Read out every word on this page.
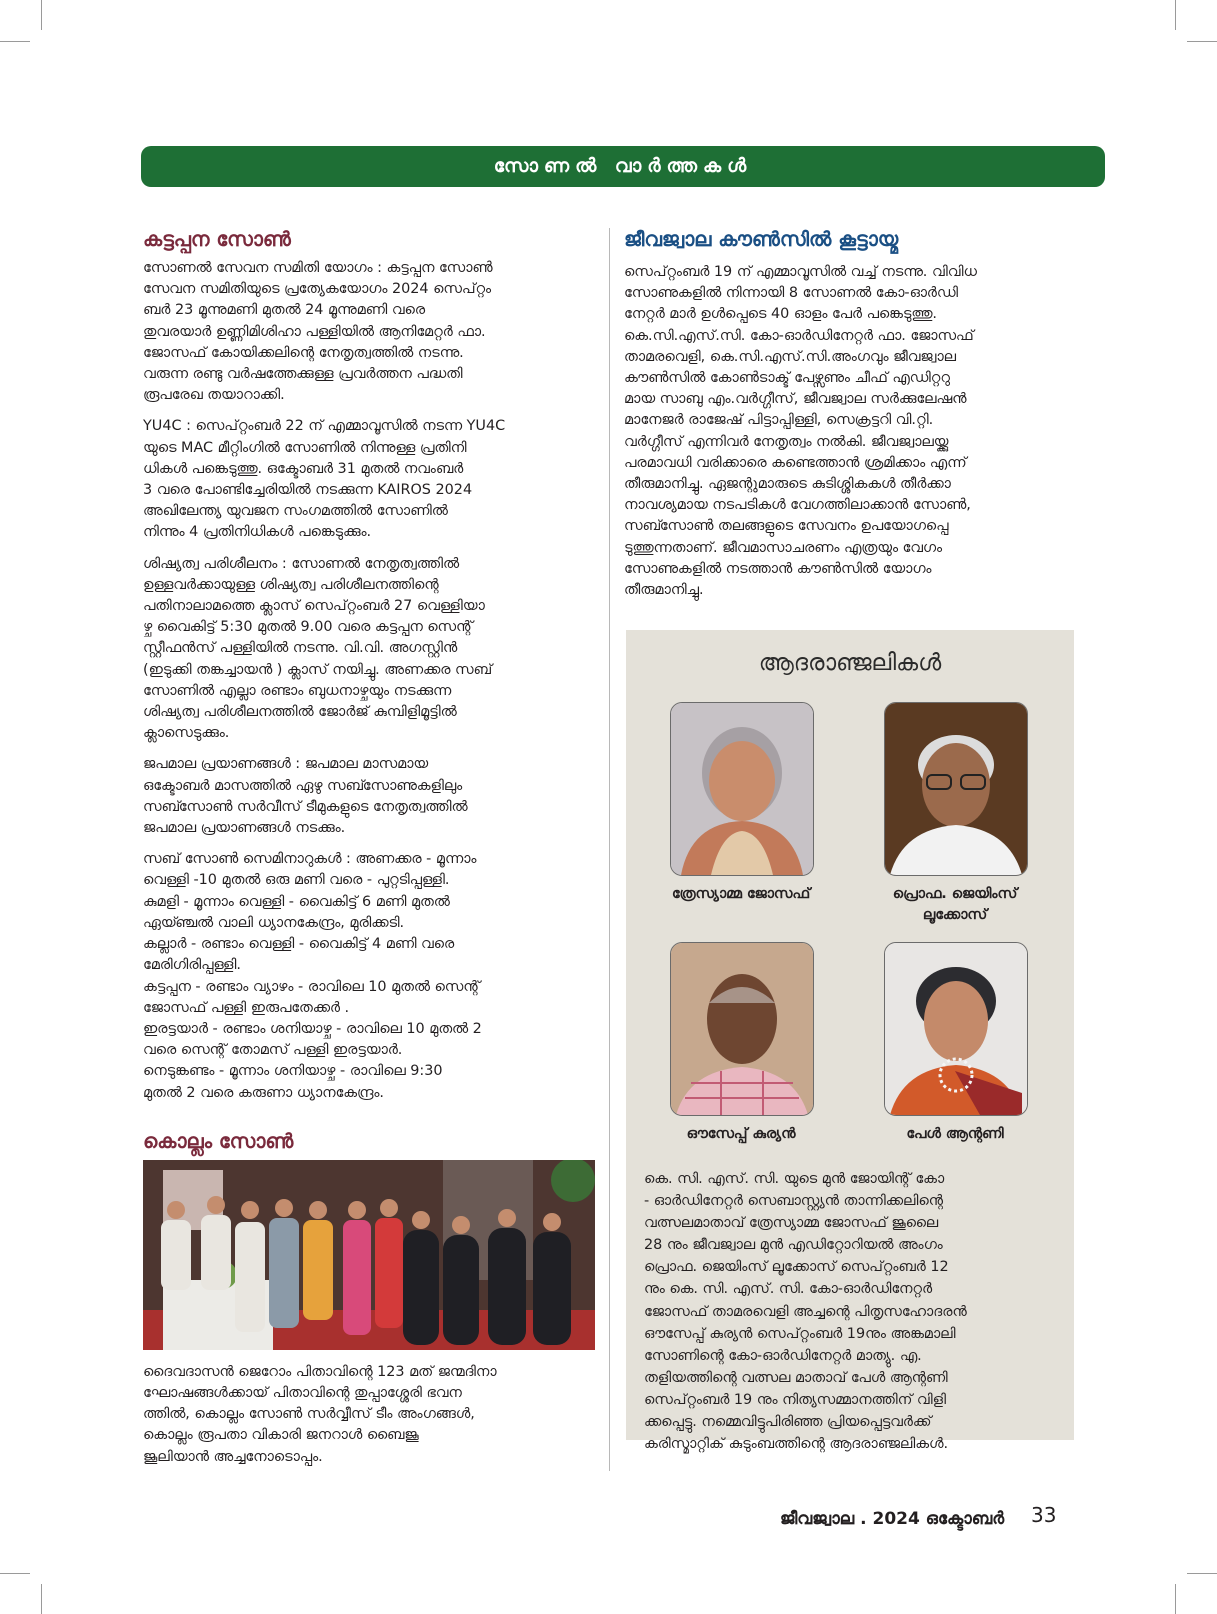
സോണൽ വാർത്തകൾ
കട്ടപ്പന സോൺ

സോണൽ സേവന സമിതി യോഗം : കട്ടപ്പന സോൺ
സേവന സമിതിയുടെ പ്രത്യേകയോഗം 2024 സെപ്റ്റം
ബർ 23 മൂന്നുമണി മുതൽ 24 മൂന്നുമണി വരെ
തുവരയാർ ഉണ്ണിമിശിഹാ പള്ളിയിൽ ആനിമേറ്റർ ഫാ.
ജോസഫ് കോയിക്കലിന്റെ നേതൃത്വത്തിൽ നടന്നു.
വരുന്ന രണ്ടു വർഷത്തേക്കുള്ള പ്രവർത്തന പദ്ധതി
രൂപരേഖ തയാറാക്കി.

YU4C : സെപ്റ്റംബർ 22 ന് എമ്മാവൂസിൽ നടന്ന YU4C
യുടെ MAC മീറ്റിംഗിൽ സോണിൽ നിന്നുള്ള പ്രതിനി
ധികൾ പങ്കെടുത്തു. ഒക്ടോബർ 31 മുതൽ നവംബർ
3 വരെ പോണ്ടിച്ചേരിയിൽ നടക്കുന്ന KAIROS 2024
അഖിലേന്ത്യ യുവജന സംഗമത്തിൽ സോണിൽ
നിന്നും 4 പ്രതിനിധികൾ പങ്കെടുക്കും.

ശിഷ്യത്വ പരിശീലനം : സോണൽ നേതൃത്വത്തിൽ
ഉള്ളവർക്കായുള്ള ശിഷ്യത്വ പരിശീലനത്തിന്റെ
പതിനാലാമത്തെ ക്ലാസ് സെപ്റ്റംബർ 27 വെള്ളിയാ
ഴ്ച വൈകിട്ട് 5:30 മുതൽ 9.00 വരെ കട്ടപ്പന സെന്റ്
സ്റ്റീഫൻസ് പള്ളിയിൽ നടന്നു. വി.വി. അഗസ്റ്റിൻ
(ഇടുക്കി തങ്കച്ചായൻ ) ക്ലാസ് നയിച്ചു. അണക്കര സബ്
സോണിൽ എല്ലാ രണ്ടാം ബുധനാഴ്ചയും നടക്കുന്ന
ശിഷ്യത്വ പരിശീലനത്തിൽ ജോർജ് കുമ്പിളിമൂട്ടിൽ
ക്ലാസെടുക്കും.

ജപമാല പ്രയാണങ്ങൾ : ജപമാല മാസമായ
ഒക്ടോബർ മാസത്തിൽ ഏഴു സബ്സോണുകളിലും
സബ്സോൺ സർവീസ് ടീമുകളുടെ നേതൃത്വത്തിൽ
ജപമാല പ്രയാണങ്ങൾ നടക്കും.

സബ് സോൺ സെമിനാറുകൾ : അണക്കര - മൂന്നാം
വെള്ളി -10 മുതൽ ഒരു മണി വരെ - പുറ്റടിപ്പള്ളി.
കുമളി - മൂന്നാം വെള്ളി - വൈകിട്ട് 6 മണി മുതൽ
ഏയ്ഞ്ചൽ വാലി ധ്യാനകേന്ദ്രം, മുരിക്കടി.
കല്ലാർ - രണ്ടാം വെള്ളി - വൈകിട്ട് 4 മണി വരെ
മേരിഗിരിപ്പള്ളി.
കട്ടപ്പന - രണ്ടാം വ്യാഴം - രാവിലെ 10 മുതൽ സെന്റ്
ജോസഫ് പള്ളി ഇരുപതേക്കർ .
ഇരട്ടയാർ - രണ്ടാം ശനിയാഴ്ച - രാവിലെ 10 മുതൽ 2
വരെ സെന്റ് തോമസ് പള്ളി ഇരട്ടയാർ.
നെടുങ്കണ്ടം - മൂന്നാം ശനിയാഴ്ച - രാവിലെ 9:30
മുതൽ 2 വരെ കരുണാ ധ്യാനകേന്ദ്രം.

കൊല്ലം സോൺ

ദൈവദാസൻ ജെറോം പിതാവിന്റെ 123 മത് ജന്മദിനാ
ഘോഷങ്ങൾക്കായ് പിതാവിന്റെ തുപ്പാശ്ശേരി ഭവന
ത്തിൽ, കൊല്ലം സോൺ സർവ്വീസ് ടീം അംഗങ്ങൾ,
കൊല്ലം രൂപതാ വികാരി ജനറാൾ ബൈജൂ
ജൂലിയാൻ അച്ചനോടൊപ്പം.

ജീവജ്വാല കൗൺസിൽ കൂട്ടായ്മ

സെപ്റ്റംബർ 19 ന് എമ്മാവൂസിൽ വച്ച് നടന്നു. വിവിധ
സോണുകളിൽ നിന്നായി 8 സോണൽ കോ-ഓർഡി
നേറ്റർ മാർ ഉൾപ്പെടെ 40 ഓളം പേർ പങ്കെടുത്തു.
കെ.സി.എസ്.സി. കോ-ഓർഡിനേറ്റർ ഫാ. ജോസഫ്
താമരവെളി, കെ.സി.എസ്.സി.അംഗവും ജീവജ്വാല
കൗൺസിൽ കോൺടാക്ട് പേഴ്സണും ചീഫ് എഡിറ്ററു
മായ സാബു എം.വർഗ്ഗീസ്, ജീവജ്വാല സർക്കുലേഷൻ
മാനേജർ രാജേഷ് പിട്ടാപ്പിള്ളി, സെക്രട്ടറി വി.റ്റി.
വർഗ്ഗീസ് എന്നിവർ നേതൃത്വം നൽകി. ജീവജ്വാലയ്ക്കു
പരമാവധി വരിക്കാരെ കണ്ടെത്താൻ ശ്രമിക്കാം എന്ന്
തീരുമാനിച്ചു. ഏജന്റുമാരുടെ കുടിശ്ശികകൾ തീർക്കാ
നാവശ്യമായ നടപടികൾ വേഗത്തിലാക്കാൻ സോൺ,
സബ്സോൺ തലങ്ങളുടെ സേവനം ഉപയോഗപ്പെ
ടുത്തുന്നതാണ്. ജീവമാസാചരണം എത്രയും വേഗം
സോണുകളിൽ നടത്താൻ കൗൺസിൽ യോഗം
തീരുമാനിച്ചു.

ആദരാഞ്ജലികൾ
ത്രേസ്യാമ്മ ജോസഫ്	പ്രൊഫ. ജെയിംസ് ലൂക്കോസ്
ഔസേപ്പ് കുര്യൻ	പേൾ ആന്റണി

കെ. സി. എസ്. സി. യുടെ മുൻ ജോയിന്റ് കോ
- ഓർഡിനേറ്റർ സെബാസ്റ്റ്യൻ താന്നിക്കലിന്റെ
വത്സലമാതാവ് ത്രേസ്യാമ്മ ജോസഫ് ജൂലൈ
28 നും ജീവജ്വാല മുൻ എഡിറ്റോറിയൽ അംഗം
പ്രൊഫ. ജെയിംസ് ലൂക്കോസ് സെപ്റ്റംബർ 12
നും കെ. സി. എസ്. സി. കോ-ഓർഡിനേറ്റർ
ജോസഫ് താമരവെളി അച്ചന്റെ പിതൃസഹോദരൻ
ഔസേപ്പ് കുര്യൻ സെപ്റ്റംബർ 19നും അങ്കമാലി
സോണിന്റെ കോ-ഓർഡിനേറ്റർ മാത്യു. എ.
തളിയത്തിന്റെ വത്സല മാതാവ് പേൾ ആന്റണി
സെപ്റ്റംബർ 19 നും നിത്യസമ്മാനത്തിന് വിളി
ക്കപ്പെട്ടു. നമ്മെവിട്ടുപിരിഞ്ഞ പ്രിയപ്പെട്ടവർക്ക്
കരിസ്മാറ്റിക് കുടുംബത്തിന്റെ ആദരാഞ്ജലികൾ.

ജീവജ്വാല . 2024 ഒക്ടോബർ 33
